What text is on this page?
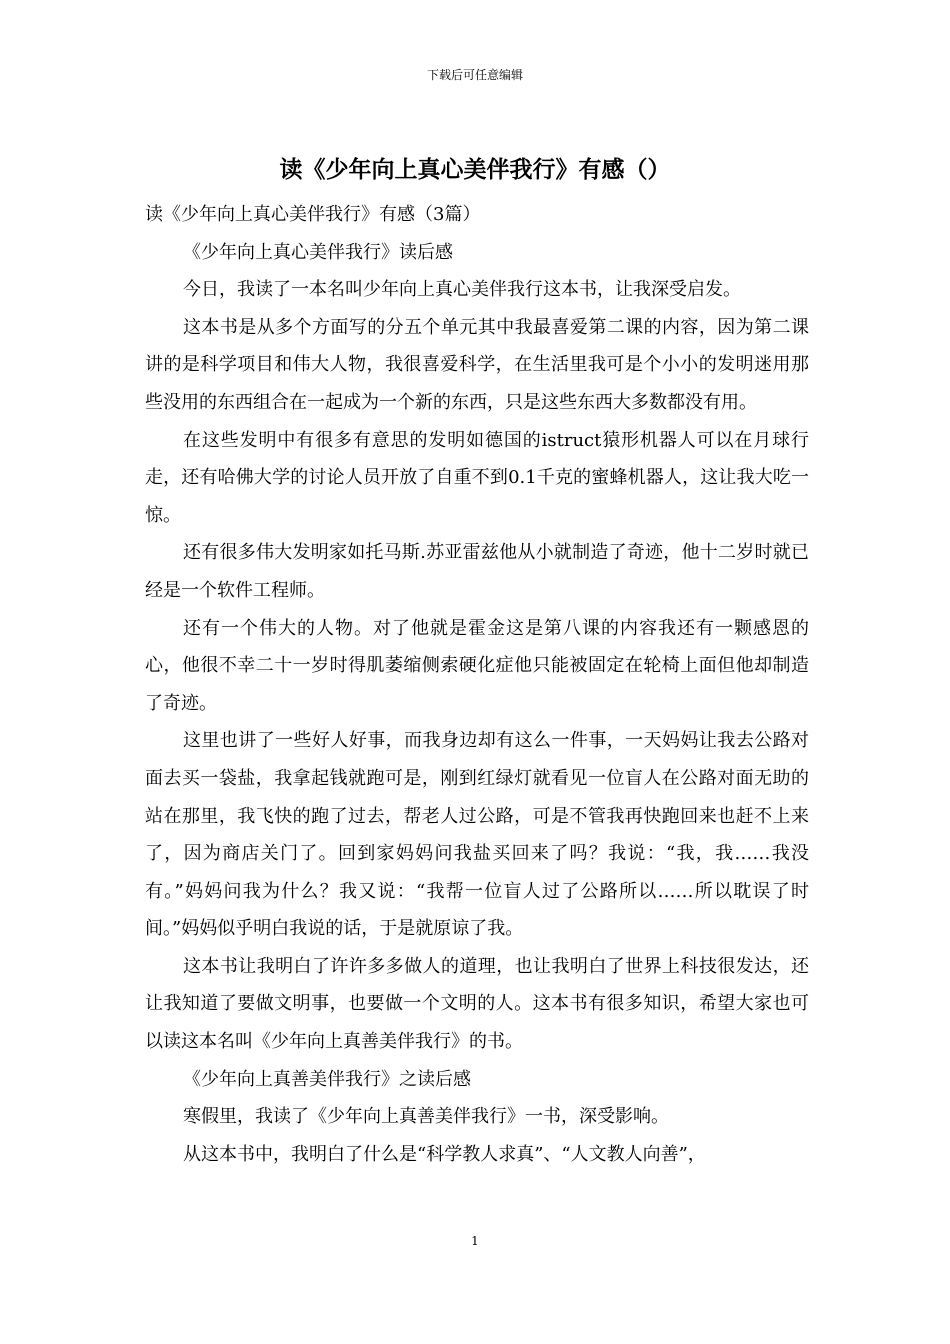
下载后可任意编辑
读《少年向上真心美伴我行》有感（）

读《少年向上真心美伴我行》有感（3篇）

《少年向上真心美伴我行》读后感

今日，我读了一本名叫少年向上真心美伴我行这本书，让我深受启发。

这本书是从多个方面写的分五个单元其中我最喜爱第二课的内容，因为第二课讲的是科学项目和伟大人物，我很喜爱科学，在生活里我可是个小小的发明迷用那些没用的东西组合在一起成为一个新的东西，只是这些东西大多数都没有用。

在这些发明中有很多有意思的发明如德国的istruct猿形机器人可以在月球行走，还有哈佛大学的讨论人员开放了自重不到0.1千克的蜜蜂机器人，这让我大吃一惊。

还有很多伟大发明家如托马斯.苏亚雷兹他从小就制造了奇迹，他十二岁时就已经是一个软件工程师。

还有一个伟大的人物。对了他就是霍金这是第八课的内容我还有一颗感恩的心，他很不幸二十一岁时得肌萎缩侧索硬化症他只能被固定在轮椅上面但他却制造了奇迹。

这里也讲了一些好人好事，而我身边却有这么一件事，一天妈妈让我去公路对面去买一袋盐，我拿起钱就跑可是，刚到红绿灯就看见一位盲人在公路对面无助的站在那里，我飞快的跑了过去，帮老人过公路，可是不管我再快跑回来也赶不上来了，因为商店关门了。回到家妈妈问我盐买回来了吗？我说：“我，我……我没有。”妈妈问我为什么？我又说：“我帮一位盲人过了公路所以……所以耽误了时间。”妈妈似乎明白我说的话，于是就原谅了我。

这本书让我明白了许许多多做人的道理，也让我明白了世界上科技很发达，还让我知道了要做文明事，也要做一个文明的人。这本书有很多知识，希望大家也可以读这本名叫《少年向上真善美伴我行》的书。

《少年向上真善美伴我行》之读后感

寒假里，我读了《少年向上真善美伴我行》一书，深受影响。

从这本书中，我明白了什么是“科学教人求真”、“人文教人向善”，

1
